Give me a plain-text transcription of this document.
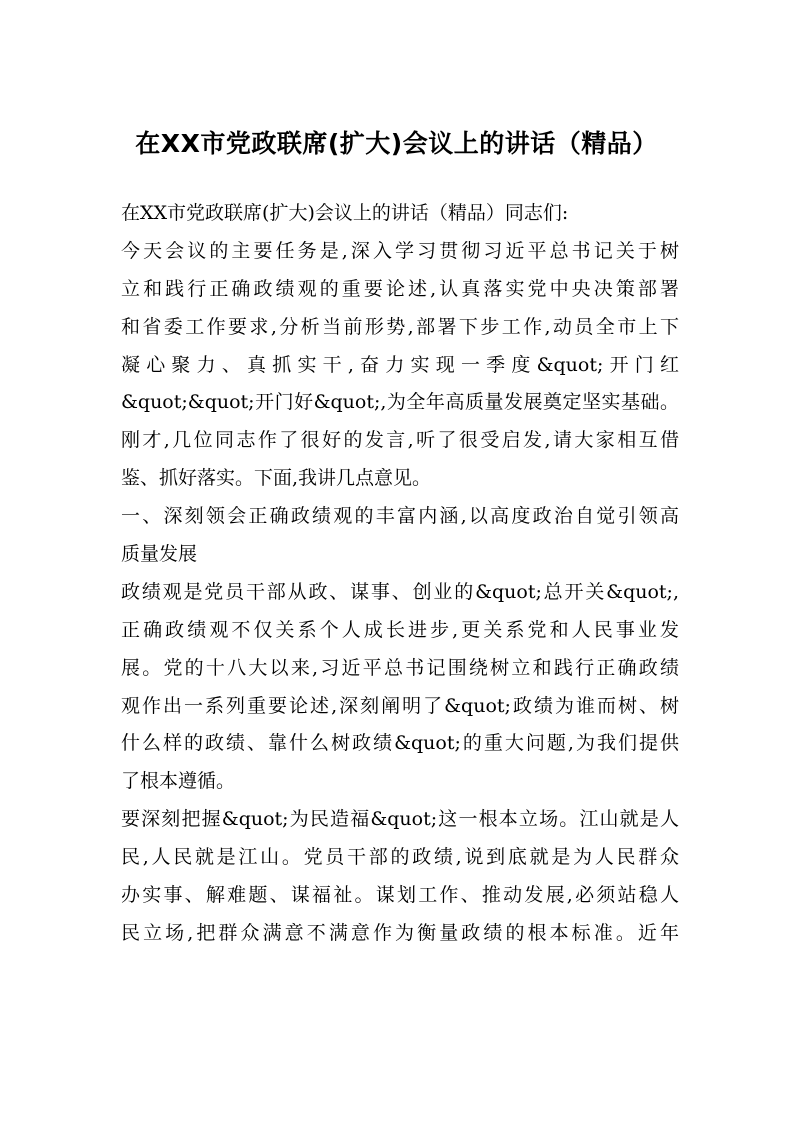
在XX市党政联席(扩大)会议上的讲话（精品）
在XX市党政联席(扩大)会议上的讲话（精品）同志们:
今天会议的主要任务是,深入学习贯彻习近平总书记关于树
立和践行正确政绩观的重要论述,认真落实党中央决策部署
和省委工作要求,分析当前形势,部署下步工作,动员全市上下
凝心聚力、真抓实干,奋力实现一季度&quot;开门红
&quot;&quot;开门好&quot;,为全年高质量发展奠定坚实基础。
刚才,几位同志作了很好的发言,听了很受启发,请大家相互借
鉴、抓好落实。下面,我讲几点意见。
一、深刻领会正确政绩观的丰富内涵,以高度政治自觉引领高
质量发展
政绩观是党员干部从政、谋事、创业的&quot;总开关&quot;,
正确政绩观不仅关系个人成长进步,更关系党和人民事业发
展。党的十八大以来,习近平总书记围绕树立和践行正确政绩
观作出一系列重要论述,深刻阐明了&quot;政绩为谁而树、树
什么样的政绩、靠什么树政绩&quot;的重大问题,为我们提供
了根本遵循。
要深刻把握&quot;为民造福&quot;这一根本立场。江山就是人
民,人民就是江山。党员干部的政绩,说到底就是为人民群众
办实事、解难题、谋福祉。谋划工作、推动发展,必须站稳人
民立场,把群众满意不满意作为衡量政绩的根本标准。近年
